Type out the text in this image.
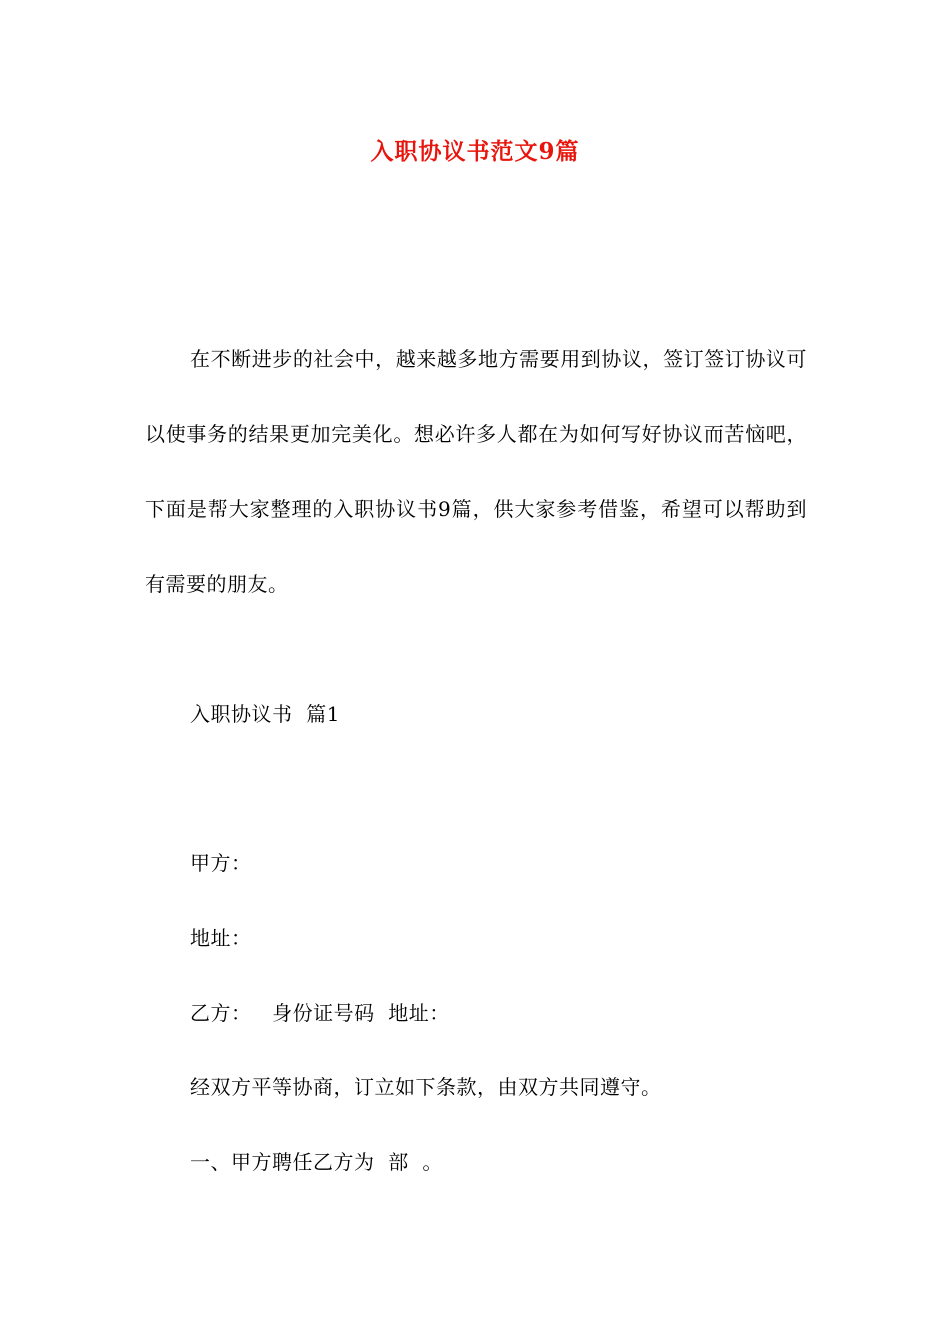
入职协议书范文9篇

在不断进步的社会中，越来越多地方需要用到协议，签订签订协议可以使事务的结果更加完美化。想必许多人都在为如何写好协议而苦恼吧，下面是帮大家整理的入职协议书9篇，供大家参考借鉴，希望可以帮助到有需要的朋友。

入职协议书  篇1

甲方：

地址：

乙方：   身份证号码  地址：

经双方平等协商，订立如下条款，由双方共同遵守。

一、甲方聘任乙方为  部  。
